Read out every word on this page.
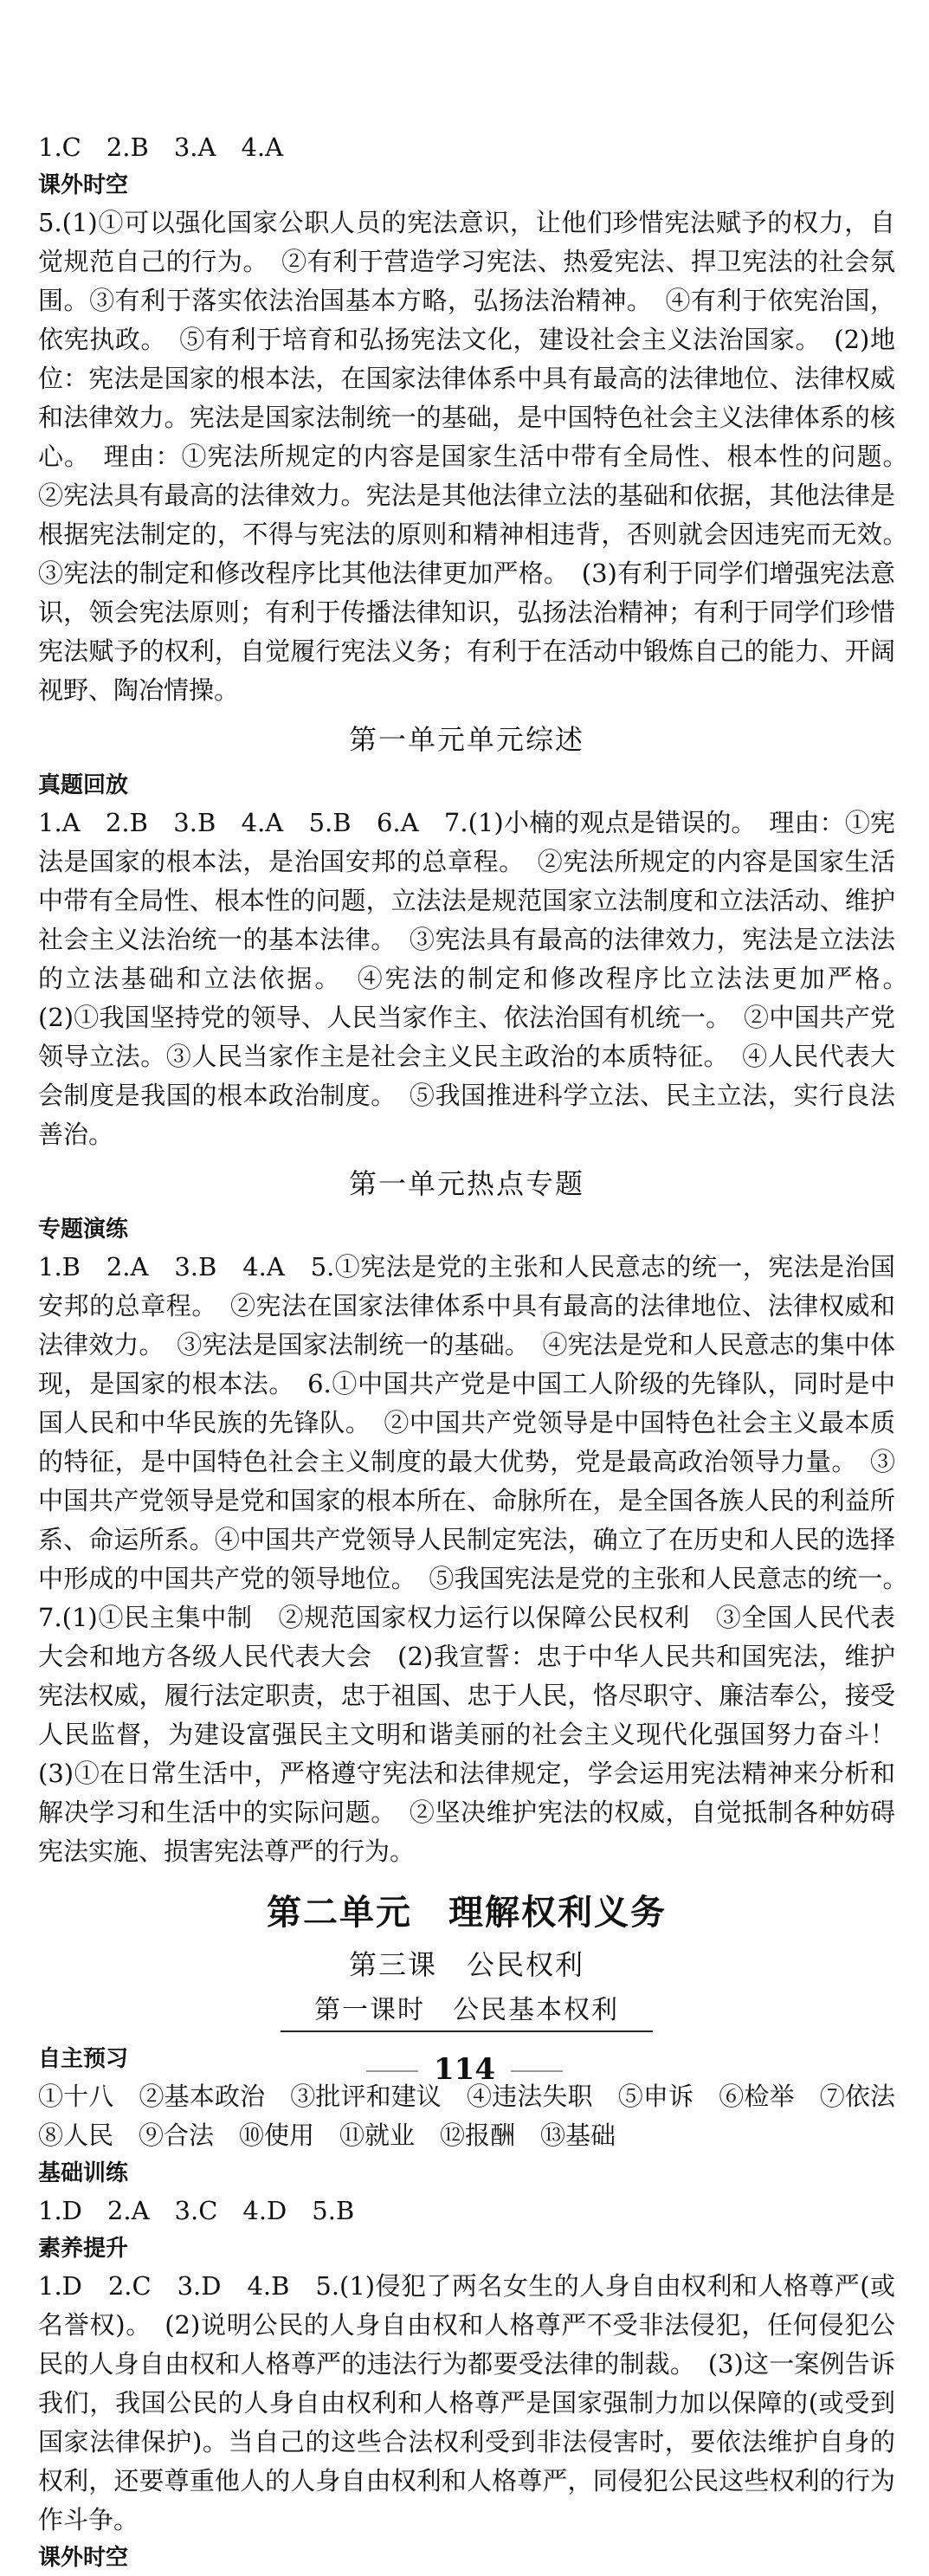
1.C　2.B　3.A　4.A

课外时空

5.(1)①可以强化国家公职人员的宪法意识，让他们珍惜宪法赋予的权力，自觉规范自己的行为。　②有利于营造学习宪法、热爱宪法、捍卫宪法的社会氛围。③有利于落实依法治国基本方略，弘扬法治精神。　④有利于依宪治国，依宪执政。　⑤有利于培育和弘扬宪法文化，建设社会主义法治国家。　(2)地位：宪法是国家的根本法，在国家法律体系中具有最高的法律地位、法律权威和法律效力。宪法是国家法制统一的基础，是中国特色社会主义法律体系的核心。　理由：①宪法所规定的内容是国家生活中带有全局性、根本性的问题。　②宪法具有最高的法律效力。宪法是其他法律立法的基础和依据，其他法律是根据宪法制定的，不得与宪法的原则和精神相违背，否则就会因违宪而无效。　③宪法的制定和修改程序比其他法律更加严格。　(3)有利于同学们增强宪法意识，领会宪法原则；有利于传播法律知识，弘扬法治精神；有利于同学们珍惜宪法赋予的权利，自觉履行宪法义务；有利于在活动中锻炼自己的能力、开阔视野、陶冶情操。

第一单元单元综述
真题回放

1.A　2.B　3.B　4.A　5.B　6.A　7.(1)小楠的观点是错误的。　理由：①宪法是国家的根本法，是治国安邦的总章程。　②宪法所规定的内容是国家生活中带有全局性、根本性的问题，立法法是规范国家立法制度和立法活动、维护社会主义法治统一的基本法律。　③宪法具有最高的法律效力，宪法是立法法的立法基础和立法依据。　④宪法的制定和修改程序比立法法更加严格。　(2)①我国坚持党的领导、人民当家作主、依法治国有机统一。　②中国共产党领导立法。③人民当家作主是社会主义民主政治的本质特征。　④人民代表大会制度是我国的根本政治制度。　⑤我国推进科学立法、民主立法，实行良法善治。

第一单元热点专题
专题演练

1.B　2.A　3.B　4.A　5.①宪法是党的主张和人民意志的统一，宪法是治国安邦的总章程。　②宪法在国家法律体系中具有最高的法律地位、法律权威和法律效力。　③宪法是国家法制统一的基础。　④宪法是党和人民意志的集中体现，是国家的根本法。　6.①中国共产党是中国工人阶级的先锋队，同时是中国人民和中华民族的先锋队。　②中国共产党领导是中国特色社会主义最本质的特征，是中国特色社会主义制度的最大优势，党是最高政治领导力量。　③中国共产党领导是党和国家的根本所在、命脉所在，是全国各族人民的利益所系、命运所系。④中国共产党领导人民制定宪法，确立了在历史和人民的选择中形成的中国共产党的领导地位。　⑤我国宪法是党的主张和人民意志的统一。　7.(1)①民主集中制　②规范国家权力运行以保障公民权利　③全国人民代表大会和地方各级人民代表大会　(2)我宣誓：忠于中华人民共和国宪法，维护宪法权威，履行法定职责，忠于祖国、忠于人民，恪尽职守、廉洁奉公，接受人民监督，为建设富强民主文明和谐美丽的社会主义现代化强国努力奋斗！　(3)①在日常生活中，严格遵守宪法和法律规定，学会运用宪法精神来分析和解决学习和生活中的实际问题。　②坚决维护宪法的权威，自觉抵制各种妨碍宪法实施、损害宪法尊严的行为。

第二单元　理解权利义务
第三课　公民权利
第一课时　公民基本权利
自主预习

①十八　②基本政治　③批评和建议　④违法失职　⑤申诉　⑥检举　⑦依法　⑧人民　⑨合法　⑩使用　⑪就业　⑫报酬　⑬基础

基础训练

1.D　2.A　3.C　4.D　5.B

素养提升

1.D　2.C　3.D　4.B　5.(1)侵犯了两名女生的人身自由权利和人格尊严(或名誉权)。　(2)说明公民的人身自由权和人格尊严不受非法侵犯，任何侵犯公民的人身自由权和人格尊严的违法行为都要受法律的制裁。　(3)这一案例告诉我们，我国公民的人身自由权利和人格尊严是国家强制力加以保障的(或受到国家法律保护)。当自己的这些合法权利受到非法侵害时，要依法维护自身的权利，还要尊重他人的人身自由权利和人格尊严，同侵犯公民这些权利的行为作斗争。

课外时空
114
